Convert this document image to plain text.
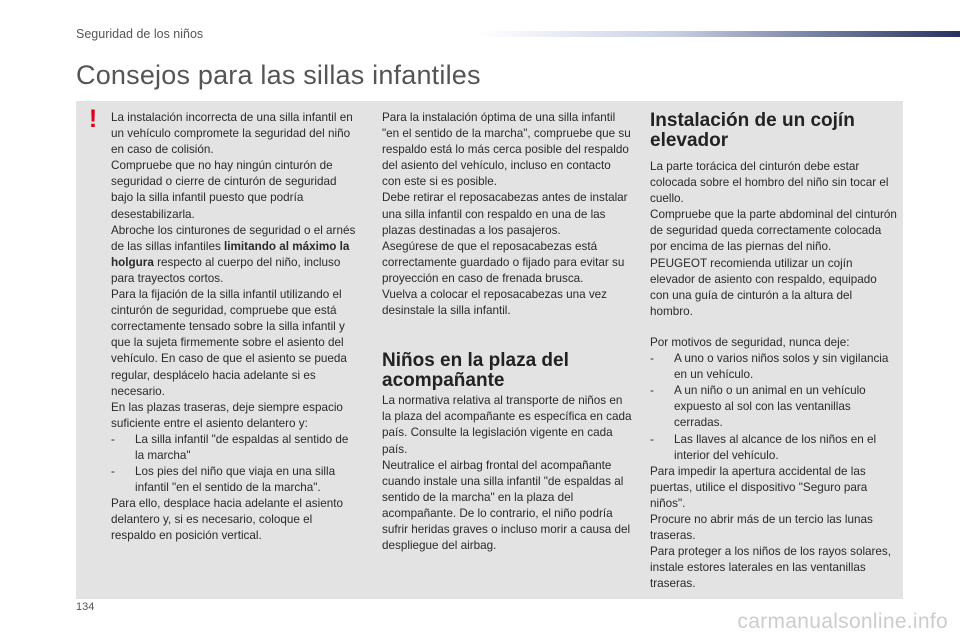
Seguridad de los niños
Consejos para las sillas infantiles
!	La instalación incorrecta de una silla infantil en un vehículo compromete la seguridad del niño en caso de colisión.

Compruebe que no hay ningún cinturón de seguridad o cierre de cinturón de seguridad bajo la silla infantil puesto que podría desestabilizarla.

Abroche los cinturones de seguridad o el arnés de las sillas infantiles limitando al máximo la holgura respecto al cuerpo del niño, incluso para trayectos cortos.

Para la fijación de la silla infantil utilizando el cinturón de seguridad, compruebe que está correctamente tensado sobre la silla infantil y que la sujeta firmemente sobre el asiento del vehículo. En caso de que el asiento se pueda regular, desplácelo hacia adelante si es necesario.

En las plazas traseras, deje siempre espacio suficiente entre el asiento delantero y:

-	La silla infantil "de espaldas al sentido de la marcha"
-	Los pies del niño que viaja en una silla infantil "en el sentido de la marcha".

Para ello, desplace hacia adelante el asiento delantero y, si es necesario, coloque el respaldo en posición vertical.

Para la instalación óptima de una silla infantil "en el sentido de la marcha", compruebe que su respaldo está lo más cerca posible del respaldo del asiento del vehículo, incluso en contacto con este si es posible.

Debe retirar el reposacabezas antes de instalar una silla infantil con respaldo en una de las plazas destinadas a los pasajeros.

Asegúrese de que el reposacabezas está correctamente guardado o fijado para evitar su proyección en caso de frenada brusca.

Vuelva a colocar el reposacabezas una vez desinstale la silla infantil.

Niños en la plaza del acompañante

La normativa relativa al transporte de niños en la plaza del acompañante es específica en cada país. Consulte la legislación vigente en cada país.

Neutralice el airbag frontal del acompañante cuando instale una silla infantil "de espaldas al sentido de la marcha" en la plaza del acompañante. De lo contrario, el niño podría sufrir heridas graves o incluso morir a causa del despliegue del airbag.

Instalación de un cojín elevador

La parte torácica del cinturón debe estar colocada sobre el hombro del niño sin tocar el cuello.

Compruebe que la parte abdominal del cinturón de seguridad queda correctamente colocada por encima de las piernas del niño.

PEUGEOT recomienda utilizar un cojín elevador de asiento con respaldo, equipado con una guía de cinturón a la altura del hombro.

Por motivos de seguridad, nunca deje:

-	A uno o varios niños solos y sin vigilancia en un vehículo.
-	A un niño o un animal en un vehículo expuesto al sol con las ventanillas cerradas.
-	Las llaves al alcance de los niños en el interior del vehículo.

Para impedir la apertura accidental de las puertas, utilice el dispositivo "Seguro para niños".

Procure no abrir más de un tercio las lunas traseras.

Para proteger a los niños de los rayos solares, instale estores laterales en las ventanillas traseras.

134
carmanualsonline.info
